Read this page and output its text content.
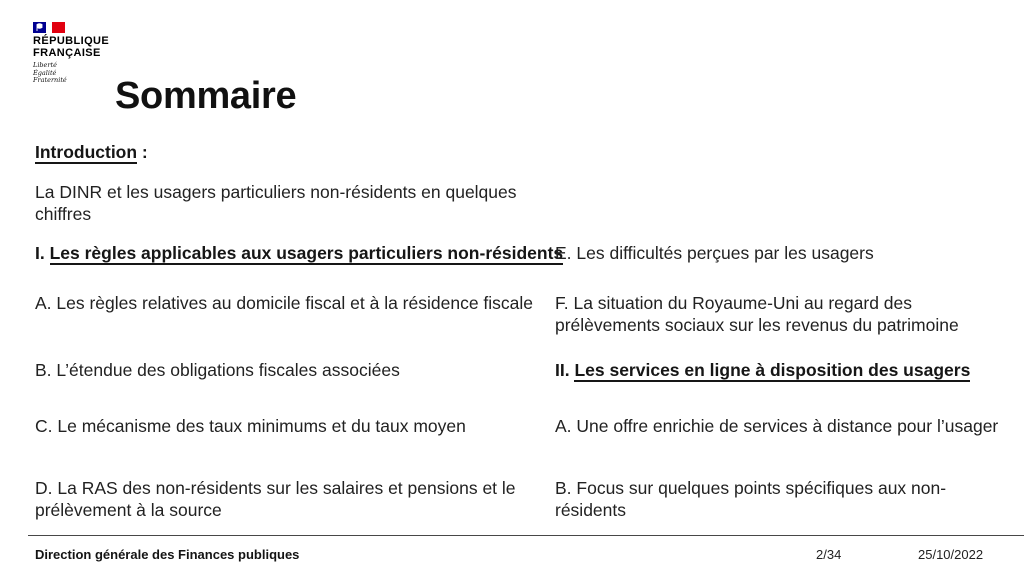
RÉPUBLIQUE
FRANÇAISE
Liberté
Égalité
Fraternité	Sommaire
Introduction :
La DINR et les usagers particuliers non-résidents en quelques chiffres
I. Les règles applicables aux usagers particuliers non-résidents
A. Les règles relatives au domicile fiscal et à la résidence fiscale
B. L’étendue des obligations fiscales associées
C. Le mécanisme des taux minimums et du taux moyen
D. La RAS des non-résidents sur les salaires et pensions et le prélèvement à la source
E. Les difficultés perçues par les usagers
F. La situation du Royaume-Uni au regard des prélèvements sociaux sur les revenus du patrimoine
II. Les services en ligne à disposition des usagers
A. Une offre enrichie de services à distance pour l’usager
B. Focus sur quelques points spécifiques aux non-résidents
Direction générale des Finances publiques	2/34	25/10/2022
